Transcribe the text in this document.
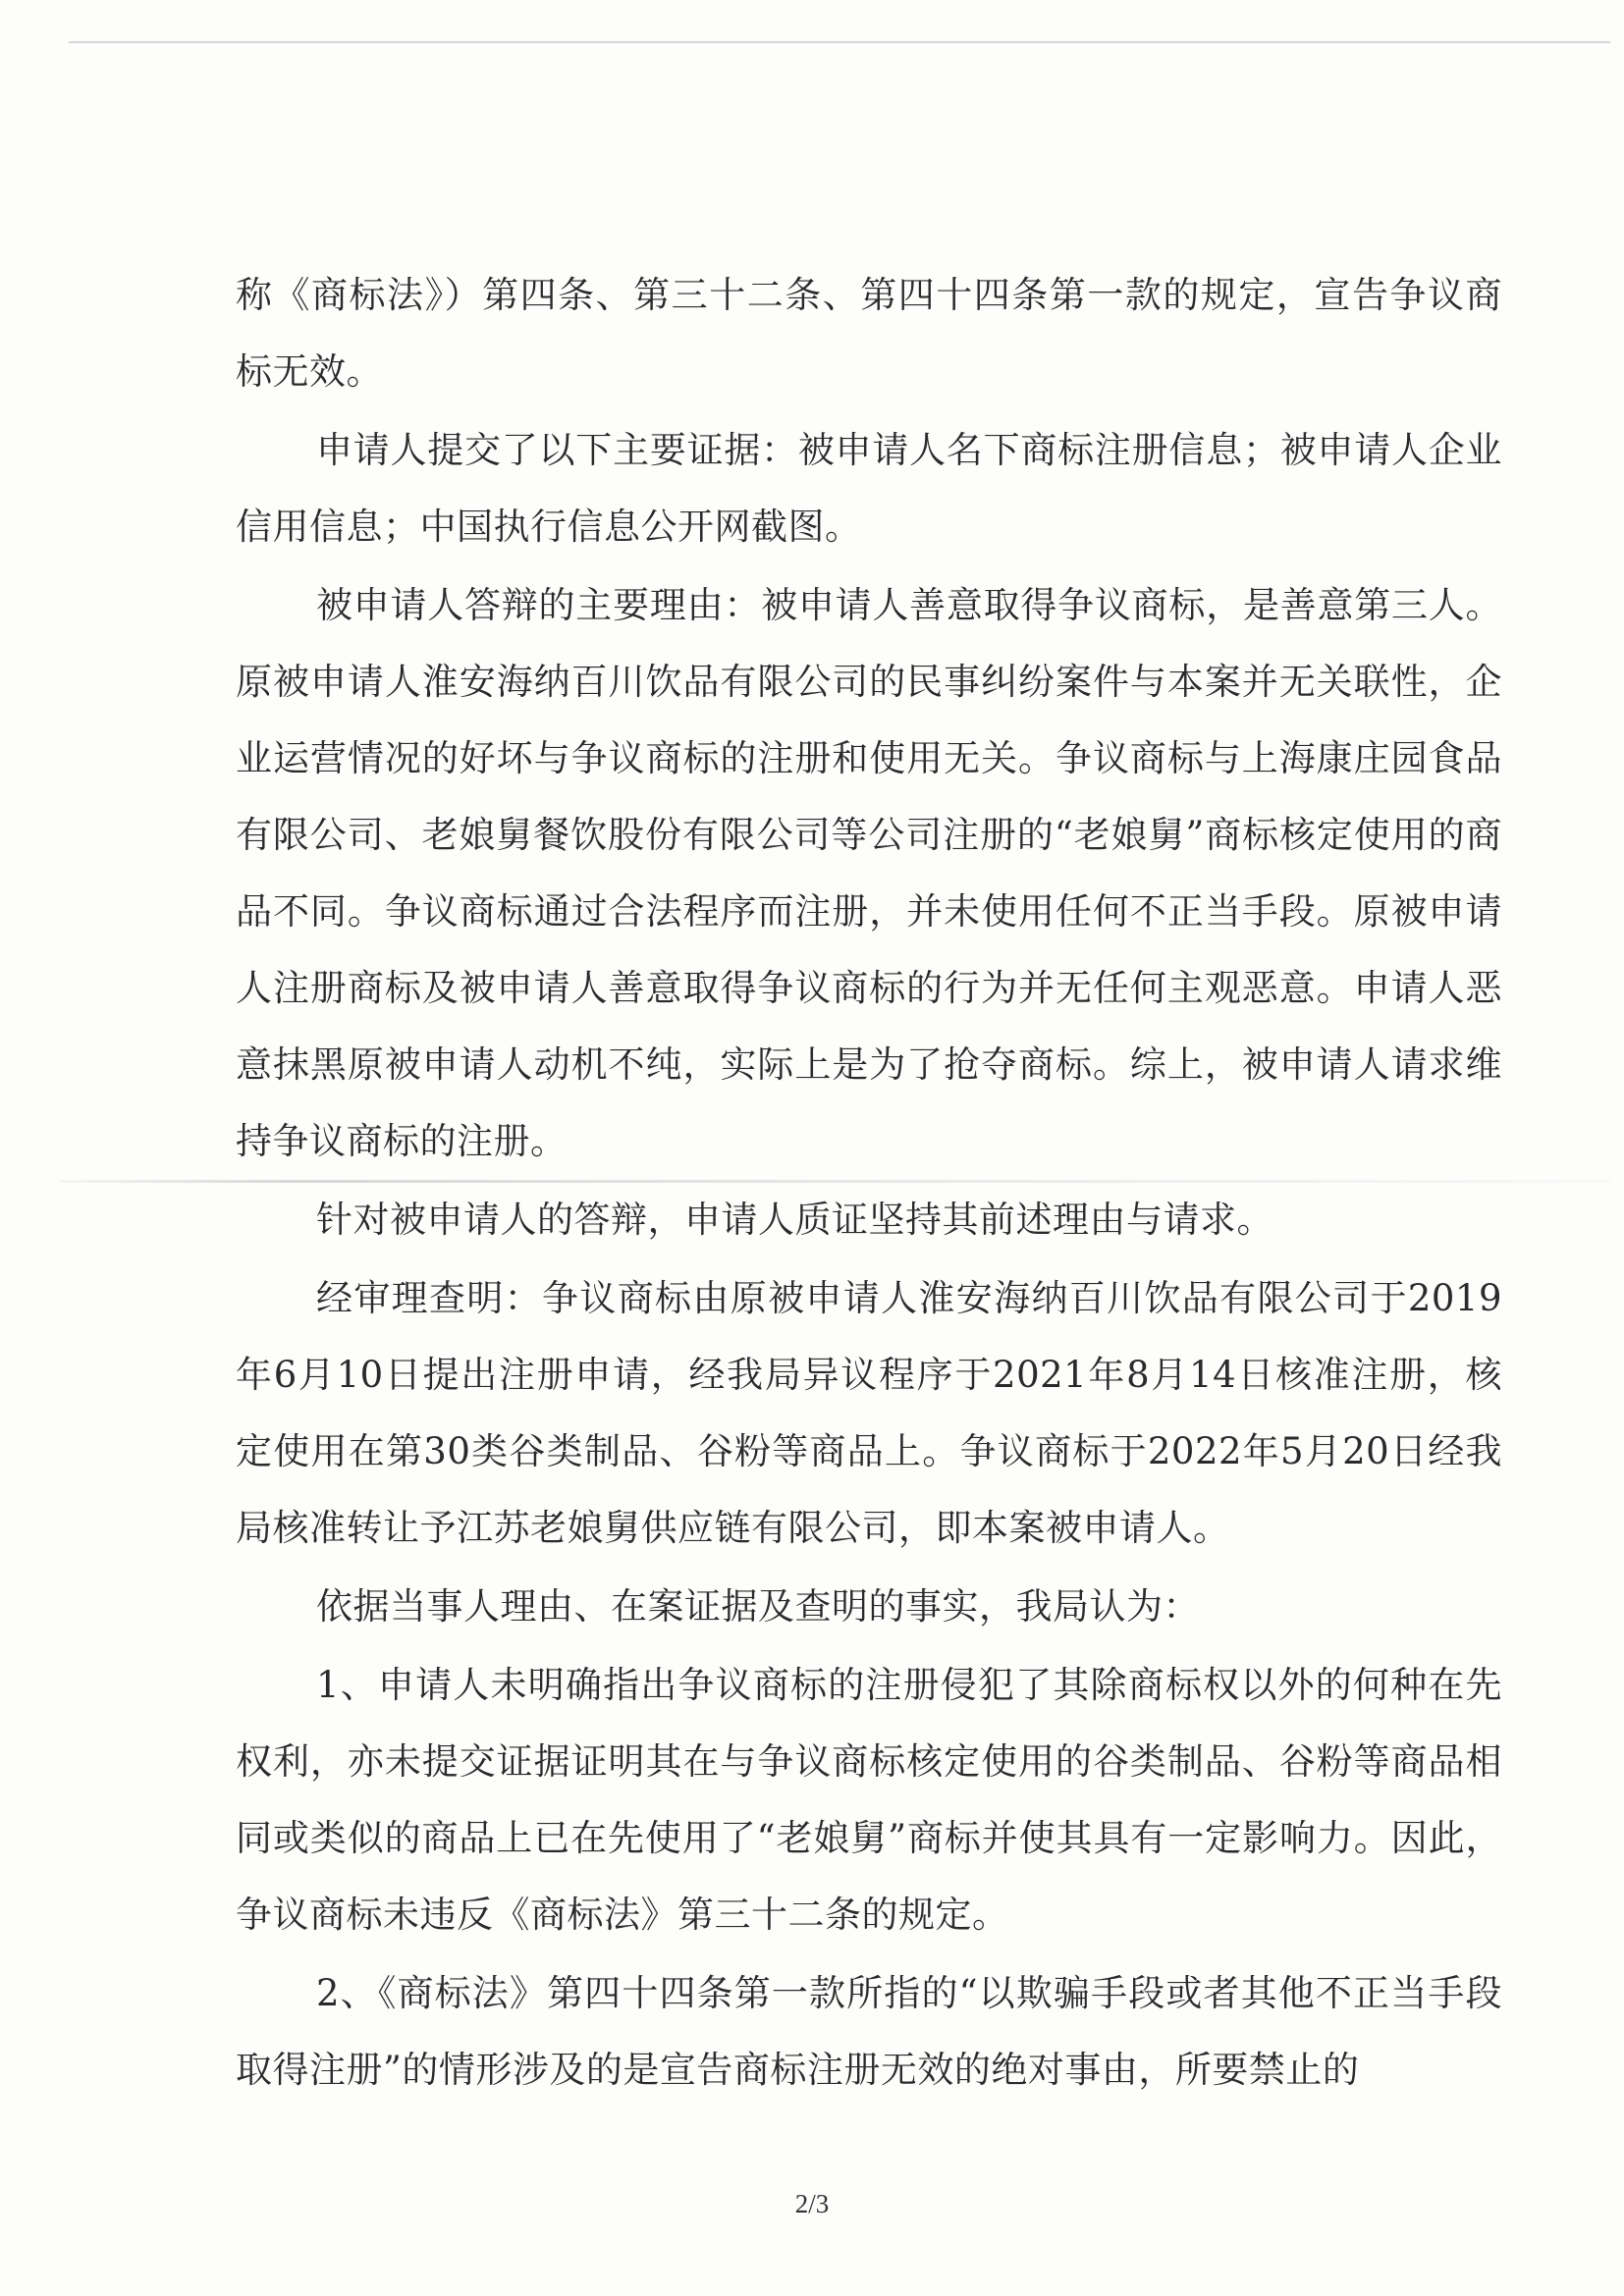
称《商标法》）第四条、第三十二条、第四十四条第一款的规定，宣告争议商标无效。

申请人提交了以下主要证据：被申请人名下商标注册信息；被申请人企业信用信息；中国执行信息公开网截图。

被申请人答辩的主要理由：被申请人善意取得争议商标，是善意第三人。原被申请人淮安海纳百川饮品有限公司的民事纠纷案件与本案并无关联性，企业运营情况的好坏与争议商标的注册和使用无关。争议商标与上海康庄园食品有限公司、老娘舅餐饮股份有限公司等公司注册的“老娘舅”商标核定使用的商品不同。争议商标通过合法程序而注册，并未使用任何不正当手段。原被申请人注册商标及被申请人善意取得争议商标的行为并无任何主观恶意。申请人恶意抹黑原被申请人动机不纯，实际上是为了抢夺商标。综上，被申请人请求维持争议商标的注册。

针对被申请人的答辩，申请人质证坚持其前述理由与请求。

经审理查明：争议商标由原被申请人淮安海纳百川饮品有限公司于2019年6月10日提出注册申请，经我局异议程序于2021年8月14日核准注册，核定使用在第30类谷类制品、谷粉等商品上。争议商标于2022年5月20日经我局核准转让予江苏老娘舅供应链有限公司，即本案被申请人。

依据当事人理由、在案证据及查明的事实，我局认为：

1、申请人未明确指出争议商标的注册侵犯了其除商标权以外的何种在先权利，亦未提交证据证明其在与争议商标核定使用的谷类制品、谷粉等商品相同或类似的商品上已在先使用了“老娘舅”商标并使其具有一定影响力。因此，争议商标未违反《商标法》第三十二条的规定。

2、《商标法》第四十四条第一款所指的“以欺骗手段或者其他不正当手段取得注册”的情形涉及的是宣告商标注册无效的绝对事由，所要禁止的

2/3
